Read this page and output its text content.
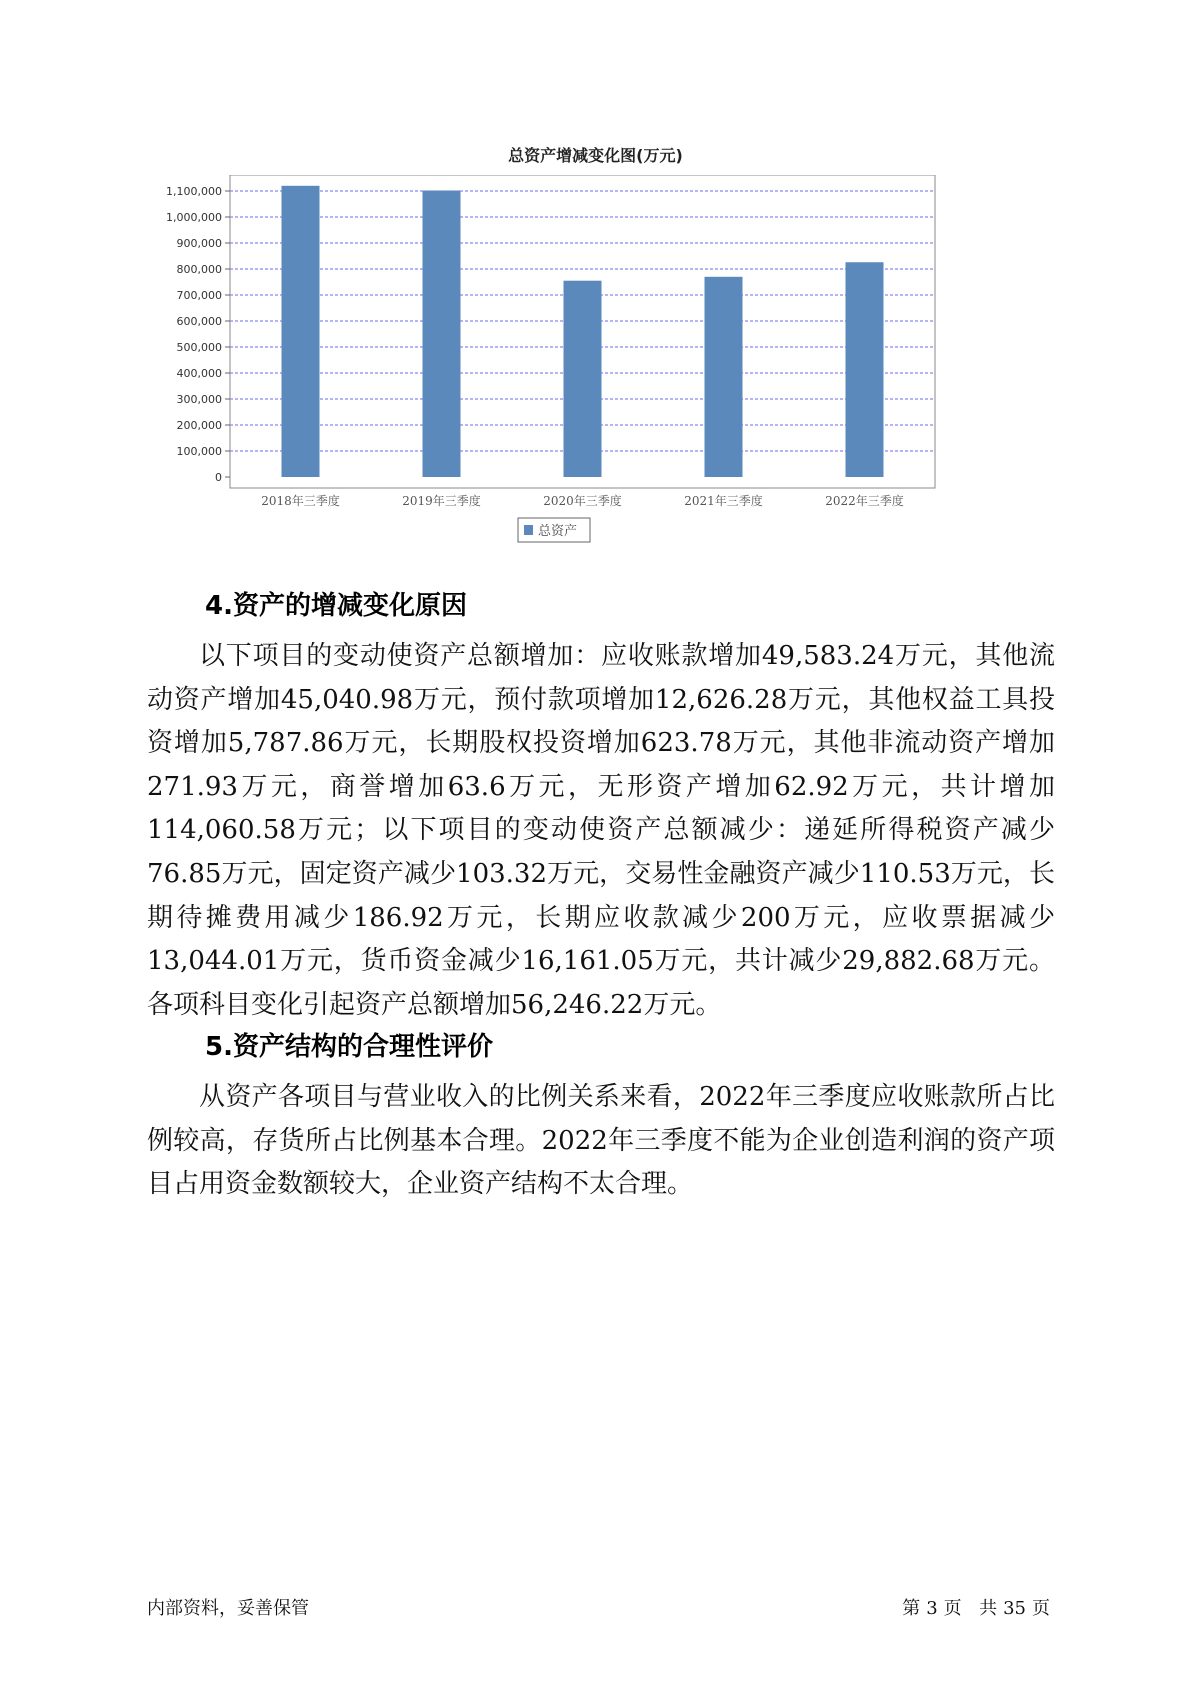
总资产增减变化图(万元)
0
100,000
200,000
300,000
400,000
500,000
600,000
700,000
800,000
900,000
1,000,000
1,100,000
2018年三季度	2019年三季度	2020年三季度	2021年三季度	2022年三季度
总资产
4.资产的增减变化原因

以下项目的变动使资产总额增加：应收账款增加49,583.24万元，其他流动资产增加45,040.98万元，预付款项增加12,626.28万元，其他权益工具投资增加5,787.86万元，长期股权投资增加623.78万元，其他非流动资产增加271.93万元，商誉增加63.6万元，无形资产增加62.92万元，共计增加114,060.58万元；以下项目的变动使资产总额减少：递延所得税资产减少76.85万元，固定资产减少103.32万元，交易性金融资产减少110.53万元，长期待摊费用减少186.92万元，长期应收款减少200万元，应收票据减少13,044.01万元，货币资金减少16,161.05万元，共计减少29,882.68万元。各项科目变化引起资产总额增加56,246.22万元。

5.资产结构的合理性评价

从资产各项目与营业收入的比例关系来看，2022年三季度应收账款所占比例较高，存货所占比例基本合理。2022年三季度不能为企业创造利润的资产项目占用资金数额较大，企业资产结构不太合理。

内部资料，妥善保管	第 3 页 共 35 页
